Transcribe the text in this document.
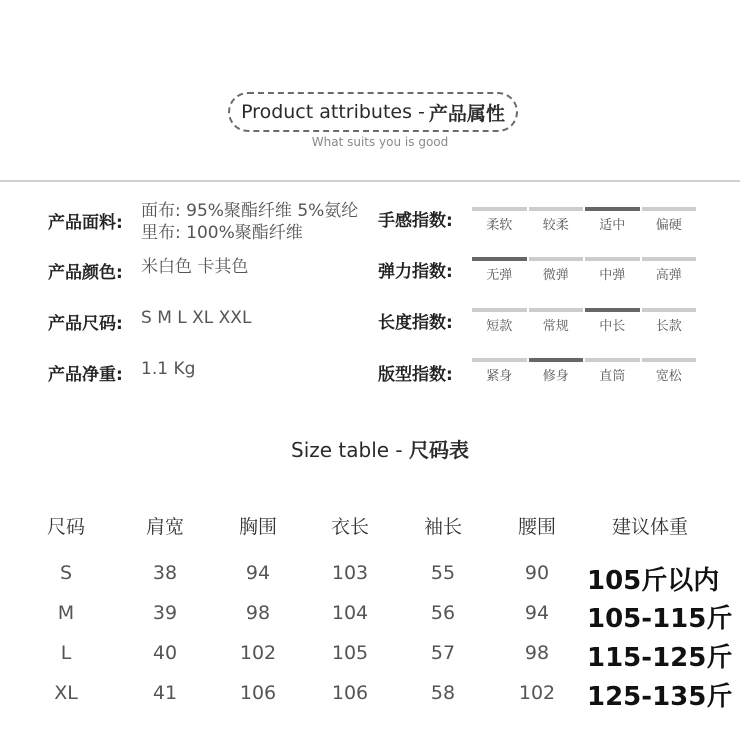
Product attributes - 产品属性
What suits you is good
产品面料:
面布: 95%聚酯纤维 5%氨纶
里布: 100%聚酯纤维
产品颜色: 米白色 卡其色
产品尺码: S M L XL XXL
产品净重: 1.1 Kg
手感指数:	柔软 较柔 适中 偏硬
弹力指数:	无弹 微弹 中弹 高弹
长度指数:	短款 常规 中长 长款
版型指数:	紧身 修身 直筒 宽松
Size table - 尺码表
尺码	肩宽	胸围	衣长	袖长	腰围	建议体重
S	38	94	103	55	90 105斤以内
M	39	98	104	56	94 105-115斤
L	40	102	105	57	98 115-125斤
XL	41	106	106	58	102 125-135斤
